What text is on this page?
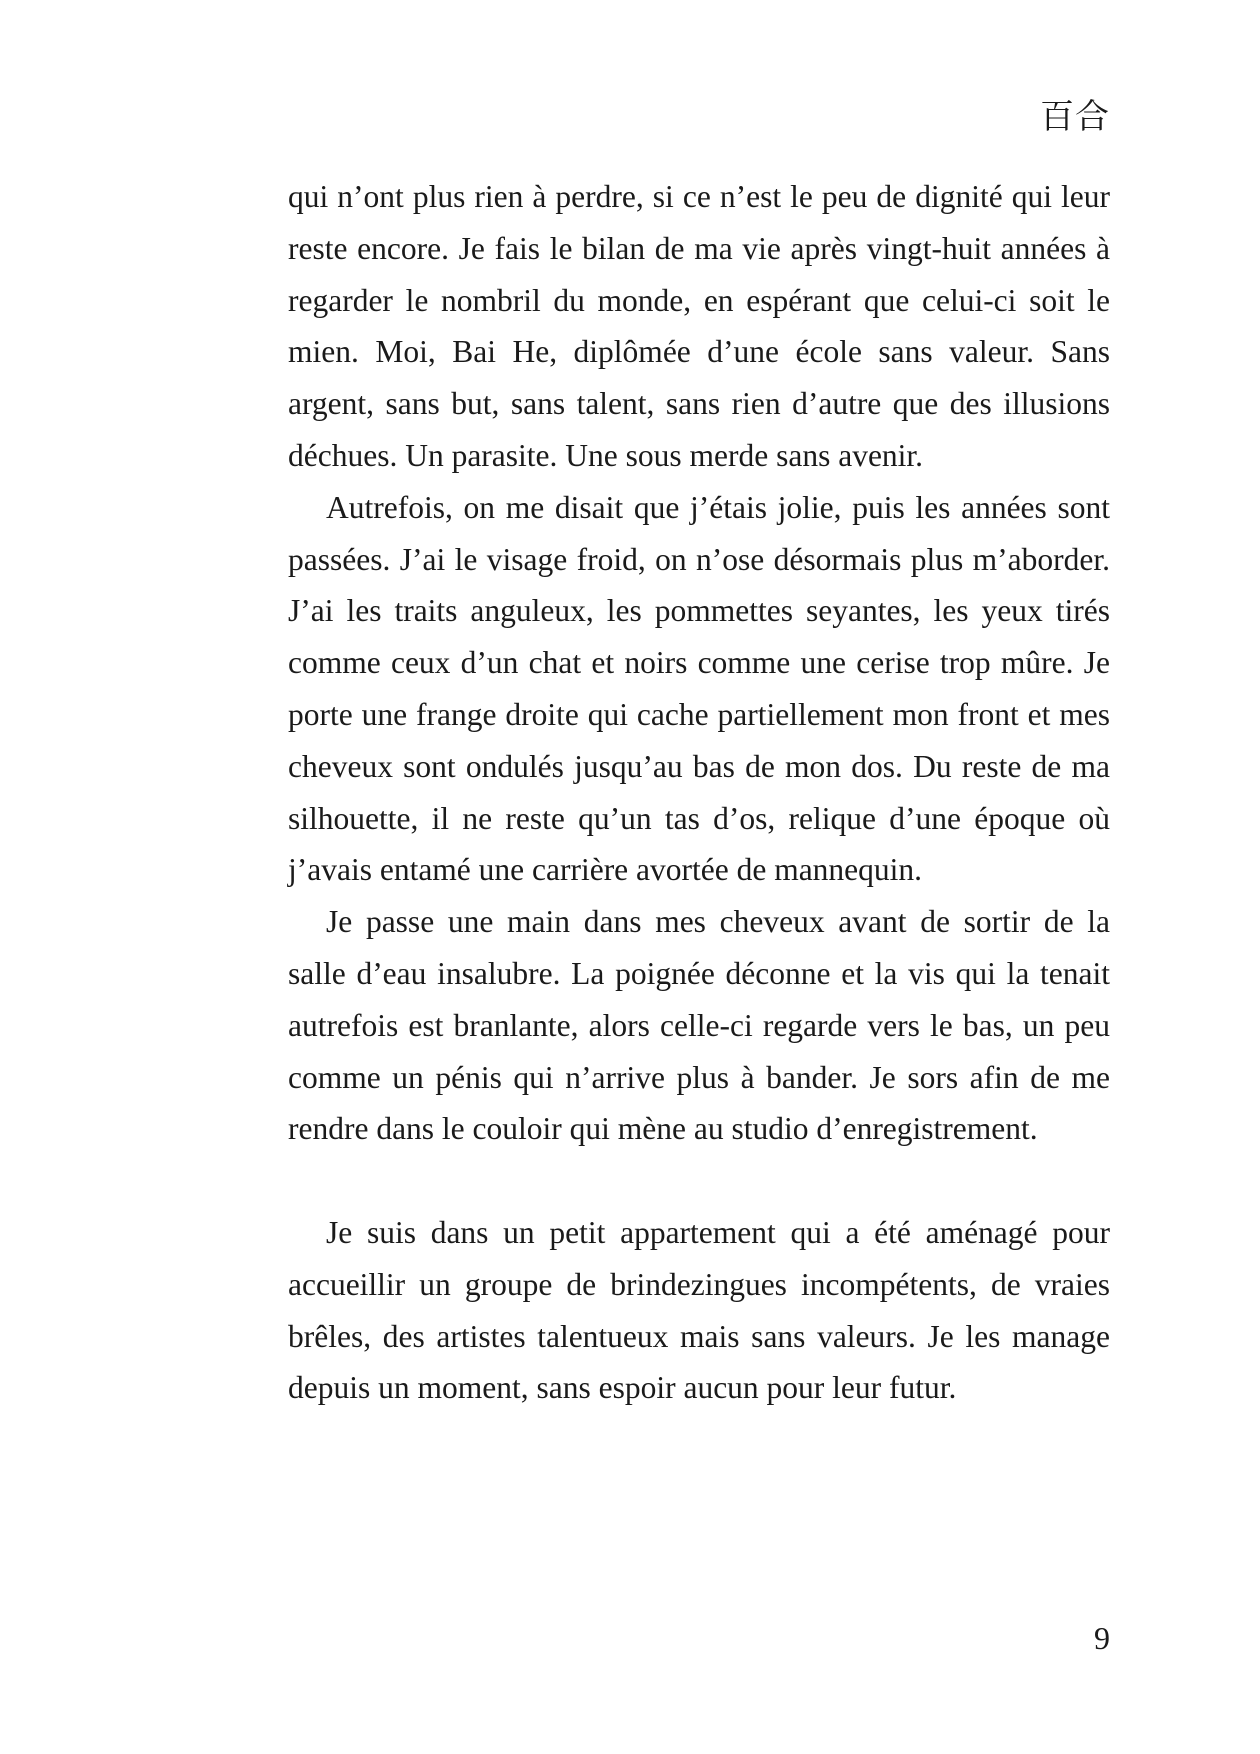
百合

qui n’ont plus rien à perdre, si ce n’est le peu de dignité qui leur reste encore. Je fais le bilan de ma vie après vingt-huit années à regarder le nombril du monde, en espérant que celui-ci soit le mien. Moi, Bai He, diplômée d’une école sans valeur. Sans argent, sans but, sans talent, sans rien d’autre que des illusions déchues. Un parasite. Une sous merde sans avenir.

Autrefois, on me disait que j’étais jolie, puis les années sont passées. J’ai le visage froid, on n’ose désormais plus m’aborder. J’ai les traits anguleux, les pommettes seyantes, les yeux tirés comme ceux d’un chat et noirs comme une cerise trop mûre. Je porte une frange droite qui cache partiellement mon front et mes cheveux sont ondulés jusqu’au bas de mon dos. Du reste de ma silhouette, il ne reste qu’un tas d’os, relique d’une époque où j’avais entamé une carrière avortée de mannequin.

Je passe une main dans mes cheveux avant de sortir de la salle d’eau insalubre. La poignée déconne et la vis qui la tenait autrefois est branlante, alors celle-ci regarde vers le bas, un peu comme un pénis qui n’arrive plus à bander. Je sors afin de me rendre dans le couloir qui mène au studio d’enregistrement.

Je suis dans un petit appartement qui a été aménagé pour accueillir un groupe de brindezingues incompétents, de vraies brêles, des artistes talentueux mais sans valeurs. Je les manage depuis un moment, sans espoir aucun pour leur futur.

9
